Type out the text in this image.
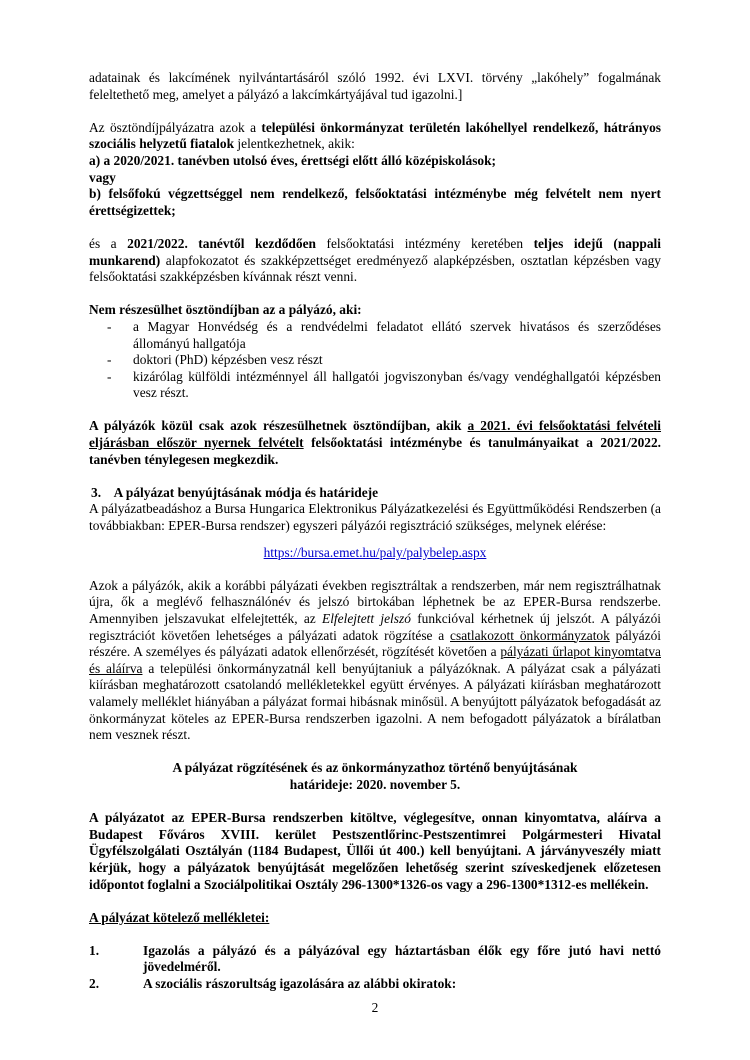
adatainak és lakcímének nyilvántartásáról szóló 1992. évi LXVI. törvény „lakóhely” fogalmának feleltethető meg, amelyet a pályázó a lakcímkártyájával tud igazolni.]

Az ösztöndíjpályázatra azok a települési önkormányzat területén lakóhellyel rendelkező, hátrányos szociális helyzetű fiatalok jelentkezhetnek, akik:

a) a 2020/2021. tanévben utolsó éves, érettségi előtt álló középiskolások;

vagy

b) felsőfokú végzettséggel nem rendelkező, felsőoktatási intézménybe még felvételt nem nyert érettségizettek;

és a 2021/2022. tanévtől kezdődően felsőoktatási intézmény keretében teljes idejű (nappali munkarend) alapfokozatot és szakképzettséget eredményező alapképzésben, osztatlan képzésben vagy felsőoktatási szakképzésben kívánnak részt venni.

Nem részesülhet ösztöndíjban az a pályázó, aki:

- a Magyar Honvédség és a rendvédelmi feladatot ellátó szervek hivatásos és szerződéses állományú hallgatója
- doktori (PhD) képzésben vesz részt
- kizárólag külföldi intézménnyel áll hallgatói jogviszonyban és/vagy vendéghallgatói képzésben vesz részt.

A pályázók közül csak azok részesülhetnek ösztöndíjban, akik a 2021. évi felsőoktatási felvételi eljárásban először nyernek felvételt felsőoktatási intézménybe és tanulmányaikat a 2021/2022. tanévben ténylegesen megkezdik.

3. A pályázat benyújtásának módja és határideje

A pályázatbeadáshoz a Bursa Hungarica Elektronikus Pályázatkezelési és Együttműködési Rendszerben (a továbbiakban: EPER-Bursa rendszer) egyszeri pályázói regisztráció szükséges, melynek elérése:

https://bursa.emet.hu/paly/palybelep.aspx

Azok a pályázók, akik a korábbi pályázati években regisztráltak a rendszerben, már nem regisztrálhatnak újra, ők a meglévő felhasználónév és jelszó birtokában léphetnek be az EPER-Bursa rendszerbe. Amennyiben jelszavukat elfelejtették, az Elfelejtett jelszó funkcióval kérhetnek új jelszót. A pályázói regisztrációt követően lehetséges a pályázati adatok rögzítése a csatlakozott önkormányzatok pályázói részére. A személyes és pályázati adatok ellenőrzését, rögzítését követően a pályázati űrlapot kinyomtatva és aláírva a települési önkormányzatnál kell benyújtaniuk a pályázóknak. A pályázat csak a pályázati kiírásban meghatározott csatolandó mellékletekkel együtt érvényes. A pályázati kiírásban meghatározott valamely melléklet hiányában a pályázat formai hibásnak minősül. A benyújtott pályázatok befogadását az önkormányzat köteles az EPER-Bursa rendszerben igazolni. A nem befogadott pályázatok a bírálatban nem vesznek részt.

A pályázat rögzítésének és az önkormányzathoz történő benyújtásának

határideje: 2020. november 5.

A pályázatot az EPER-Bursa rendszerben kitöltve, véglegesítve, onnan kinyomtatva, aláírva a Budapest Főváros XVIII. kerület Pestszentlőrinc-Pestszentimrei Polgármesteri Hivatal Ügyfélszolgálati Osztályán (1184 Budapest, Üllői út 400.) kell benyújtani. A járványveszély miatt kérjük, hogy a pályázatok benyújtását megelőzően lehetőség szerint szíveskedjenek előzetesen időpontot foglalni a Szociálpolitikai Osztály 296-1300*1326-os vagy a 296-1300*1312-es mellékein.

A pályázat kötelező mellékletei:

1.	Igazolás a pályázó és a pályázóval egy háztartásban élők egy főre jutó havi nettó jövedelméről.
2.	A szociális rászorultság igazolására az alábbi okiratok:
2
